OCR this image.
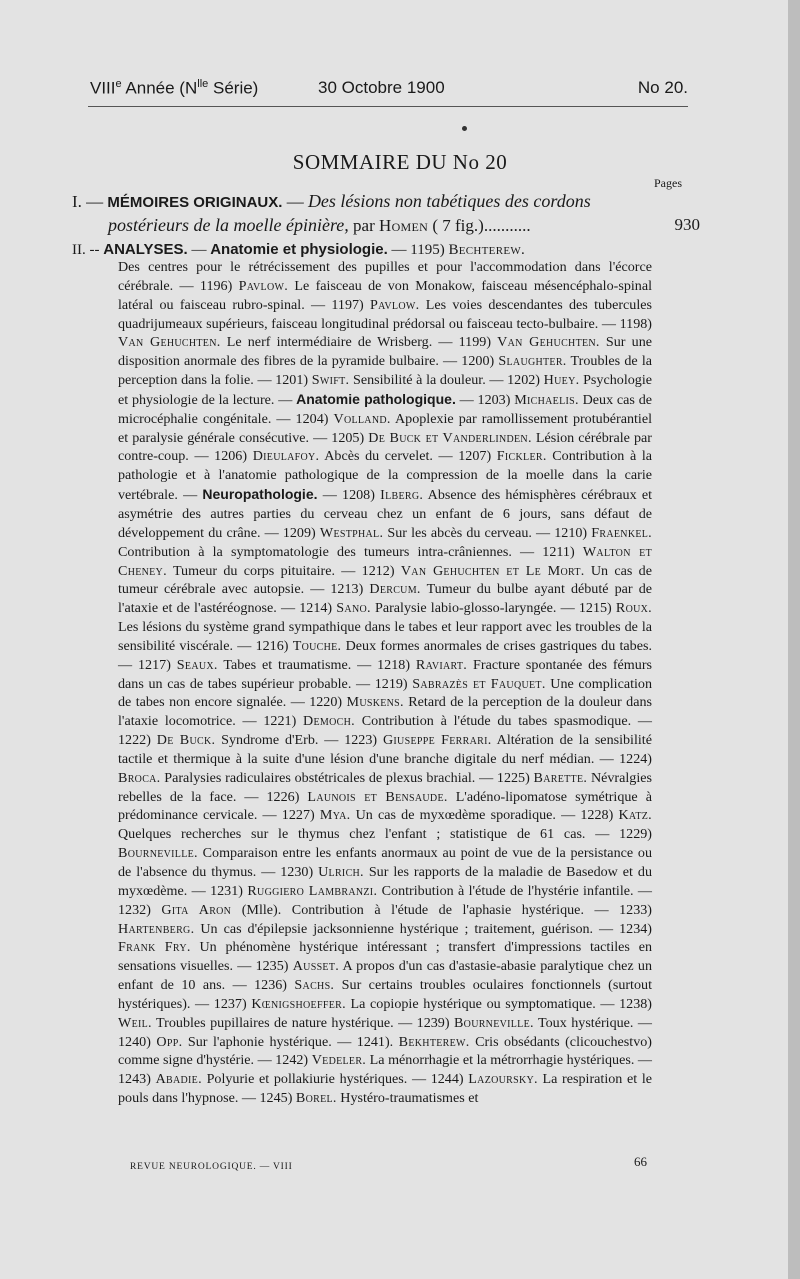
VIIIe Année ($N^{lle}$ Série)	30 Octobre 1900	No 20.
SOMMAIRE DU No 20
Pages
I. — MÉMOIRES ORIGINAUX. — Des lésions non tabétiques des cordons
postérieurs de la moelle épinière, par Homen ( 7 fig.)...........	930
II. -- ANALYSES. — Anatomie et physiologie. — 1195) Bechterew.
Des centres pour le rétrécissement des pupilles et pour l'accommodation dans l'écorce cérébrale. — 1196) Pavlow. Le faisceau de von Monakow, faisceau mésencéphalo-spinal latéral ou faisceau rubro-spinal. — 1197) Pavlow. Les voies descendantes des tubercules quadrijumeaux supérieurs, faisceau longitudinal prédorsal ou faisceau tecto-bulbaire. — 1198) Van Gehuchten. Le nerf intermédiaire de Wrisberg. — 1199) Van Gehuchten. Sur une disposition anormale des fibres de la pyramide bulbaire. — 1200) Slaughter. Troubles de la perception dans la folie. — 1201) Swift. Sensibilité à la douleur. — 1202) Huey. Psychologie et physiologie de la lecture. — Anatomie pathologique. — 1203) Michaelis. Deux cas de microcéphalie congénitale. — 1204) Volland. Apoplexie par ramollissement protubérantiel et paralysie générale consécutive. — 1205) De Buck et Vanderlinden. Lésion cérébrale par contre-coup. — 1206) Dieulafoy. Abcès du cervelet. — 1207) Fickler. Contribution à la pathologie et à l'anatomie pathologique de la compression de la moelle dans la carie vertébrale. — Neuropathologie. — 1208) Ilberg. Absence des hémisphères cérébraux et asymétrie des autres parties du cerveau chez un enfant de 6 jours, sans défaut de développement du crâne. — 1209) Westphal. Sur les abcès du cerveau. — 1210) Fraenkel. Contribution à la symptomatologie des tumeurs intra-crâniennes. — 1211) Walton et Cheney. Tumeur du corps pituitaire. — 1212) Van Gehuchten et Le Mort. Un cas de tumeur cérébrale avec autopsie. — 1213) Dercum. Tumeur du bulbe ayant débuté par de l'ataxie et de l'astéréognose. — 1214) Sano. Paralysie labio-glosso-laryngée. — 1215) Roux. Les lésions du système grand sympathique dans le tabes et leur rapport avec les troubles de la sensibilité viscérale. — 1216) Touche. Deux formes anormales de crises gastriques du tabes. — 1217) Seaux. Tabes et traumatisme. — 1218) Raviart. Fracture spontanée des fémurs dans un cas de tabes supérieur probable. — 1219) Sabrazès et Fauquet. Une complication de tabes non encore signalée. — 1220) Muskens. Retard de la perception de la douleur dans l'ataxie locomotrice. — 1221) Democh. Contribution à l'étude du tabes spasmodique. — 1222) De Buck. Syndrome d'Erb. — 1223) Giuseppe Ferrari. Altération de la sensibilité tactile et thermique à la suite d'une lésion d'une branche digitale du nerf médian. — 1224) Broca. Paralysies radiculaires obstétricales de plexus brachial. — 1225) Barette. Névralgies rebelles de la face. — 1226) Launois et Bensaude. L'adéno-lipomatose symétrique à prédominance cervicale. — 1227) Mya. Un cas de myxœdème sporadique. — 1228) Katz. Quelques recherches sur le thymus chez l'enfant ; statistique de 61 cas. — 1229) Bourneville. Comparaison entre les enfants anormaux au point de vue de la persistance ou de l'absence du thymus. — 1230) Ulrich. Sur les rapports de la maladie de Basedow et du myxœdème. — 1231) Ruggiero Lambranzi. Contribution à l'étude de l'hystérie infantile. — 1232) Gita Aron (Mlle). Contribution à l'étude de l'aphasie hystérique. — 1233) Hartenberg. Un cas d'épilepsie jacksonnienne hystérique ; traitement, guérison. — 1234) Frank Fry. Un phénomène hystérique intéressant ; transfert d'impressions tactiles en sensations visuelles. — 1235) Ausset. A propos d'un cas d'astasie-abasie paralytique chez un enfant de 10 ans. — 1236) Sachs. Sur certains troubles oculaires fonctionnels (surtout hystériques). — 1237) Kœnigshoeffer. La copiopie hystérique ou symptomatique. — 1238) Weil. Troubles pupillaires de nature hystérique. — 1239) Bourneville. Toux hystérique. — 1240) Opp. Sur l'aphonie hystérique. — 1241). Bekhterew. Cris obsédants (clicouchestvo) comme signe d'hystérie. — 1242) Vedeler. La ménorrhagie et la métrorrhagie hystériques. — 1243) Abadie. Polyurie et pollakiurie hystériques. — 1244) Lazoursky. La respiration et le pouls dans l'hypnose. — 1245) Borel. Hystéro-traumatismes et
REVUE NEUROLOGIQUE. — VIII	66
